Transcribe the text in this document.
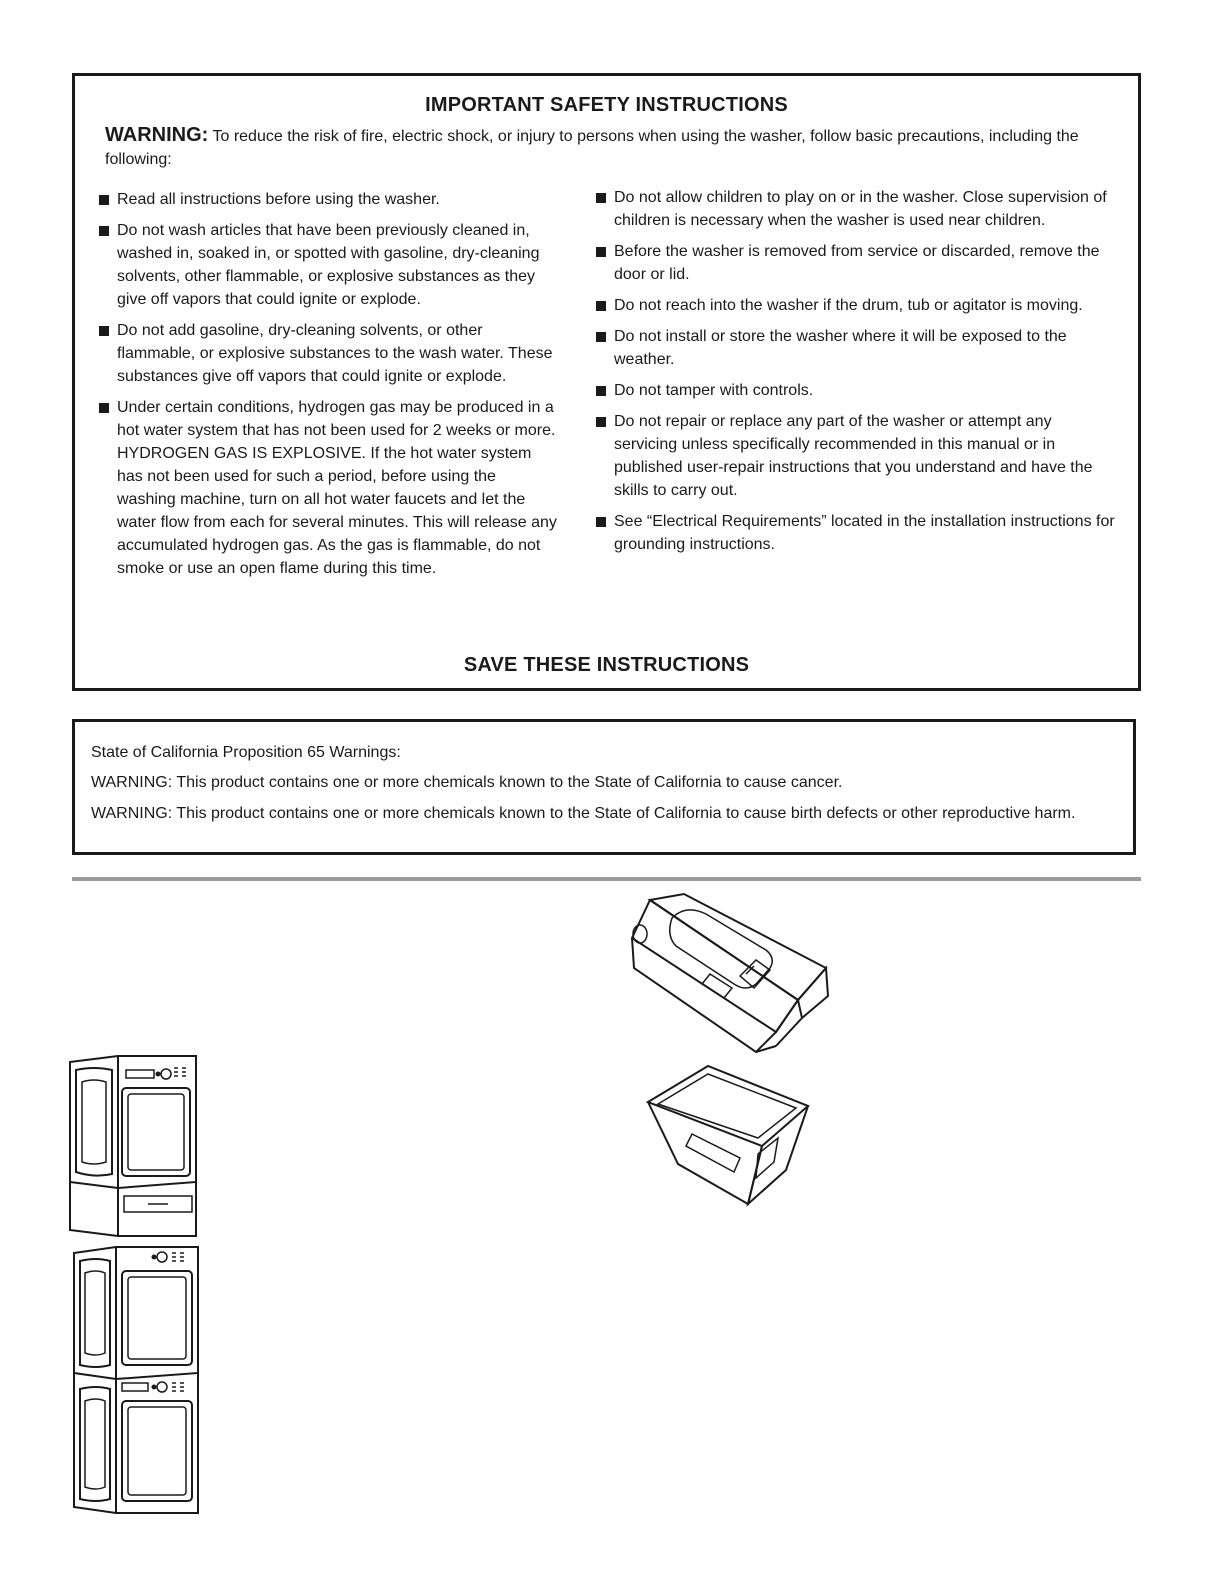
IMPORTANT SAFETY INSTRUCTIONS
WARNING: To reduce the risk of fire, electric shock, or injury to persons when using the washer, follow basic precautions, including the following:
Read all instructions before using the washer.
Do not wash articles that have been previously cleaned in, washed in, soaked in, or spotted with gasoline, dry-cleaning solvents, other flammable, or explosive substances as they give off vapors that could ignite or explode.
Do not add gasoline, dry-cleaning solvents, or other flammable, or explosive substances to the wash water. These substances give off vapors that could ignite or explode.
Under certain conditions, hydrogen gas may be produced in a hot water system that has not been used for 2 weeks or more. HYDROGEN GAS IS EXPLOSIVE. If the hot water system has not been used for such a period, before using the washing machine, turn on all hot water faucets and let the water flow from each for several minutes. This will release any accumulated hydrogen gas. As the gas is flammable, do not smoke or use an open flame during this time.
Do not allow children to play on or in the washer. Close supervision of children is necessary when the washer is used near children.
Before the washer is removed from service or discarded, remove the door or lid.
Do not reach into the washer if the drum, tub or agitator is moving.
Do not install or store the washer where it will be exposed to the weather.
Do not tamper with controls.
Do not repair or replace any part of the washer or attempt any servicing unless specifically recommended in this manual or in published user-repair instructions that you understand and have the skills to carry out.
See “Electrical Requirements” located in the installation instructions for grounding instructions.
SAVE THESE INSTRUCTIONS
State of California Proposition 65 Warnings:
WARNING: This product contains one or more chemicals known to the State of California to cause cancer.
WARNING: This product contains one or more chemicals known to the State of California to cause birth defects or other reproductive harm.
